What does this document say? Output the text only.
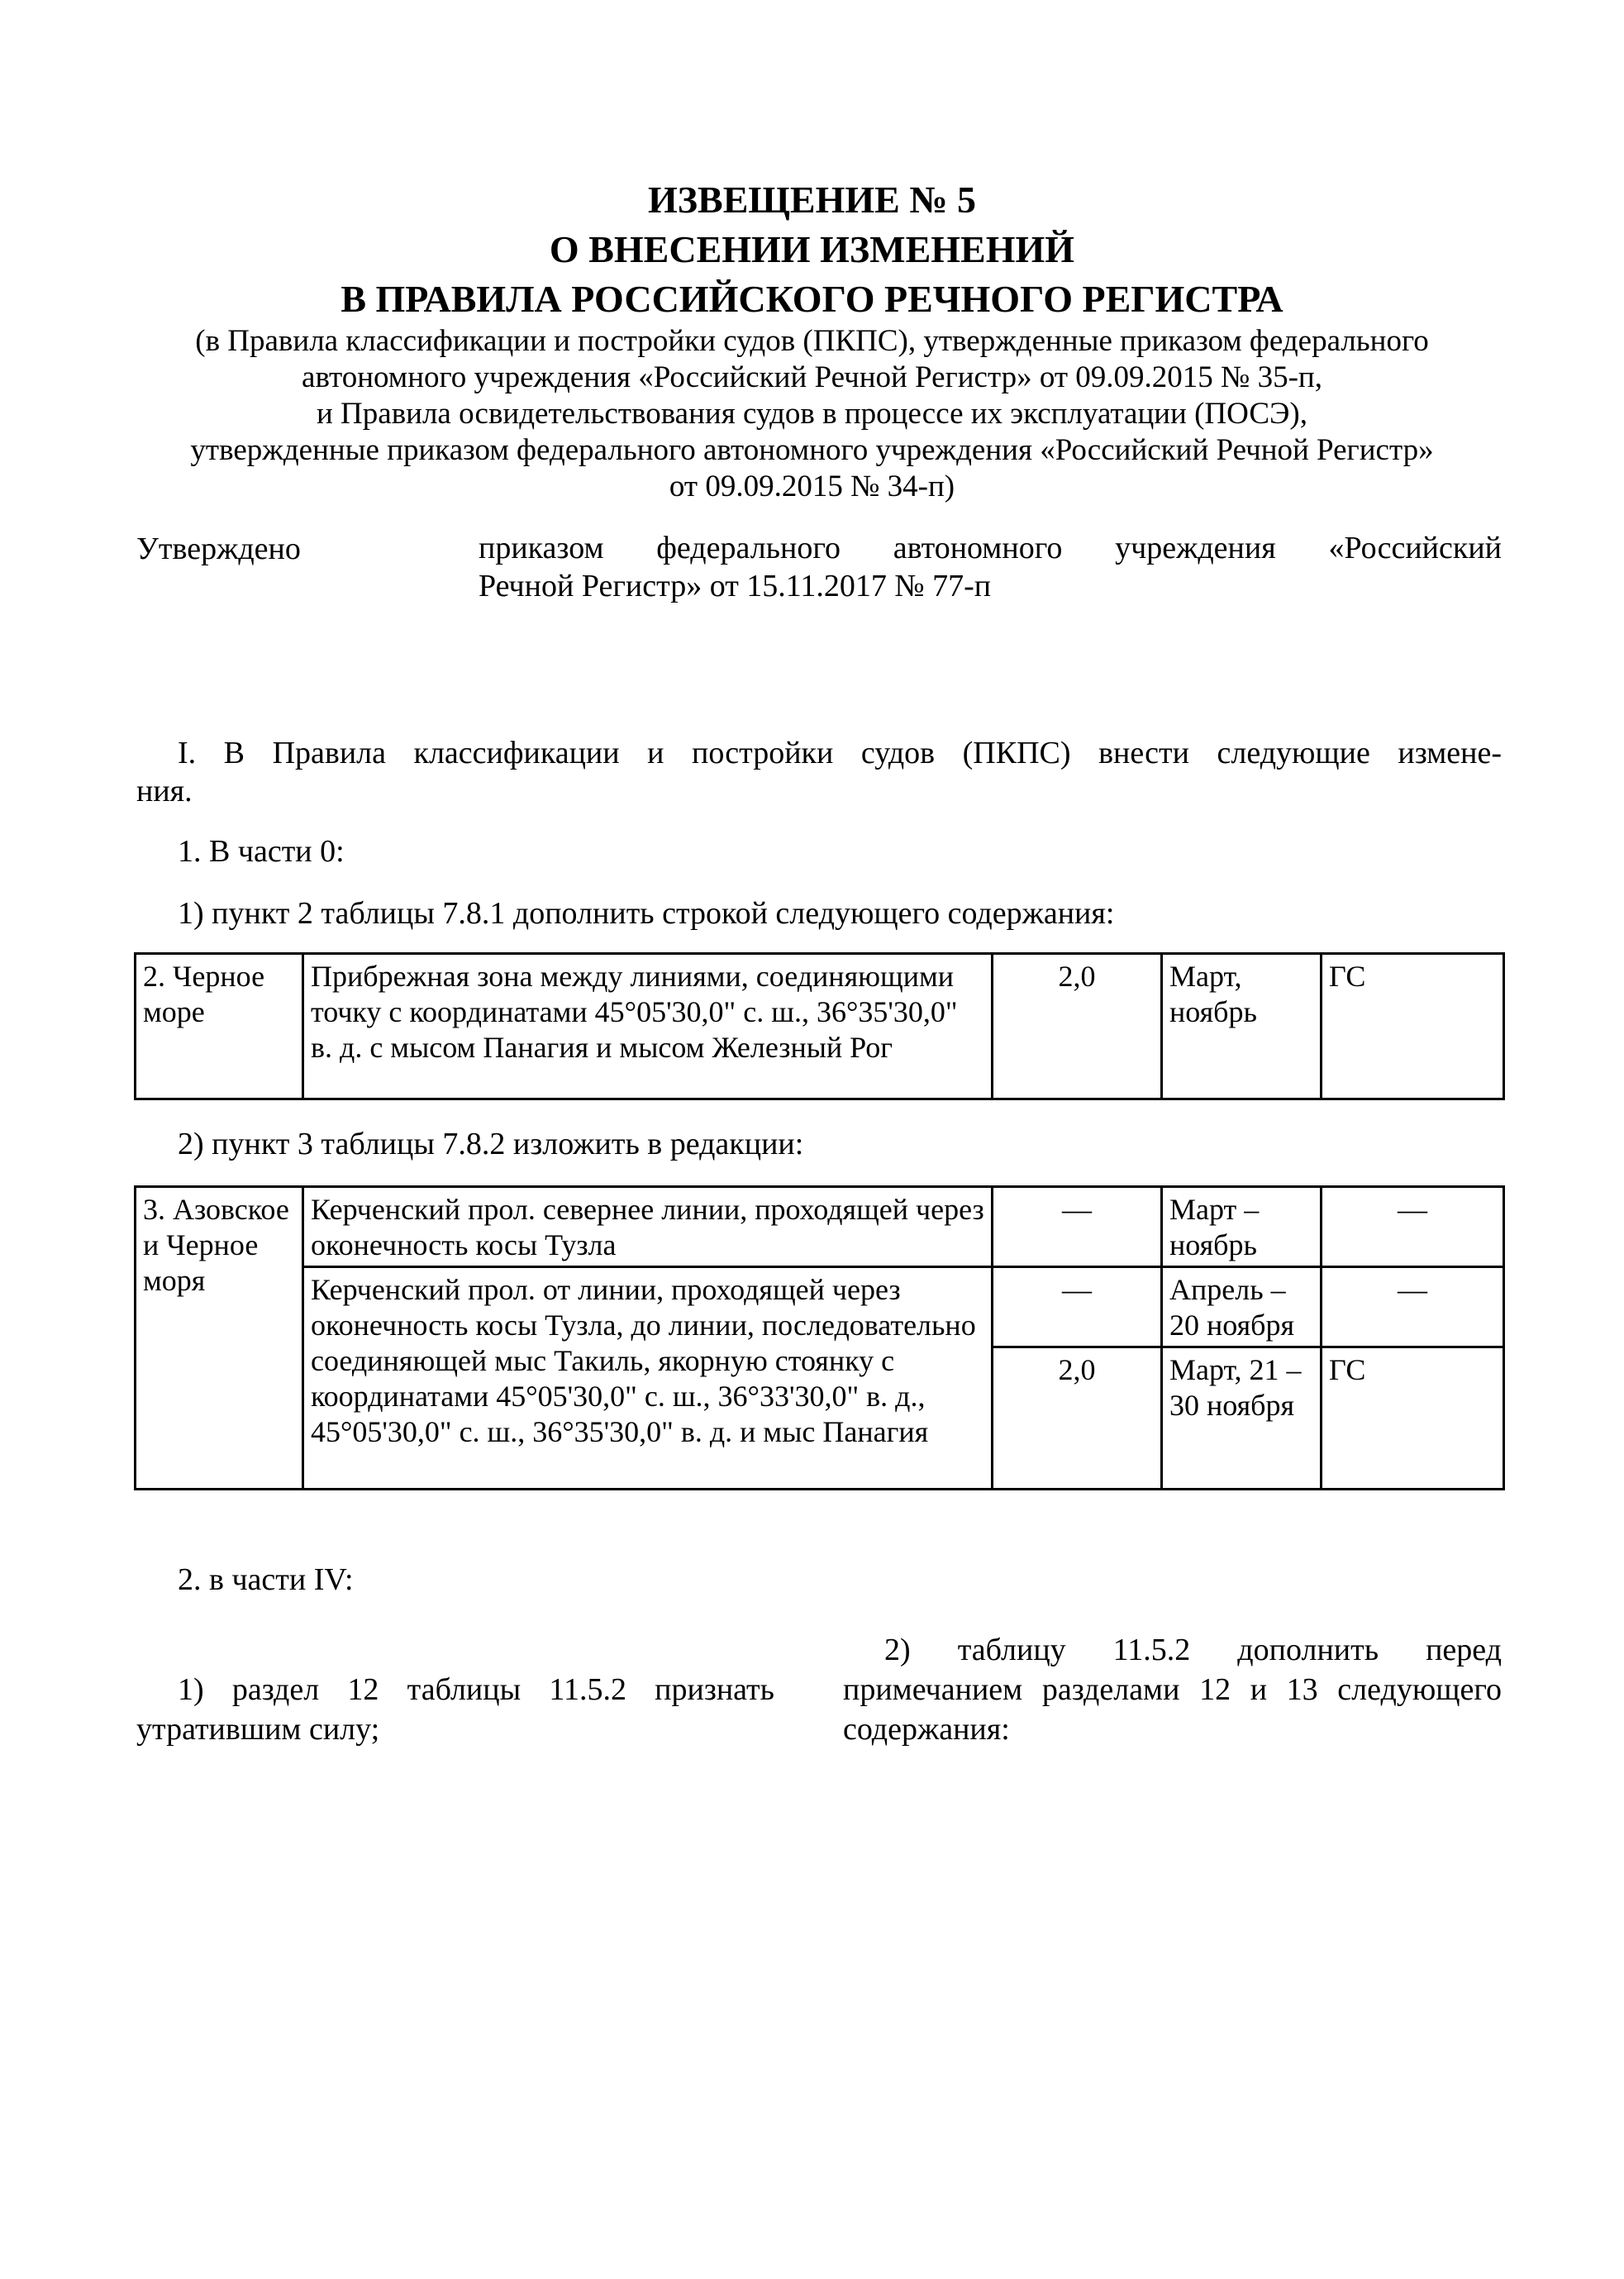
ИЗВЕЩЕНИЕ № 5
О ВНЕСЕНИИ ИЗМЕНЕНИЙ
В ПРАВИЛА РОССИЙСКОГО РЕЧНОГО РЕГИСТРА
(в Правила классификации и постройки судов (ПКПС), утвержденные приказом федерального
автономного учреждения «Российский Речной Регистр» от 09.09.2015 № 35-п,
и Правила освидетельствования судов в процессе их эксплуатации (ПОСЭ),
утвержденные приказом федерального автономного учреждения «Российский Речной Регистр»
от 09.09.2015 № 34-п)
Утверждено	приказом федерального автономного учреждения «Российский
Речной Регистр» от 15.11.2017 № 77-п
I. В Правила классификации и постройки судов (ПКПС) внести следующие измене-
ния.
1. В части 0:
1) пункт 2 таблицы 7.8.1 дополнить строкой следующего содержания:
2. Черное море	Прибрежная зона между линиями, соединяющими точку с координатами 45°05'30,0" с. ш., 36°35'30,0" в. д. с мысом Панагия и мысом Железный Рог	2,0	Март, ноябрь	ГС
2) пункт 3 таблицы 7.8.2 изложить в редакции:
3. Азовское и Черное моря	Керченский прол. севернее линии, проходящей через оконечность косы Тузла	—	Март – ноябрь	—
	Керченский прол. от линии, проходящей через оконечность косы Тузла, до линии, последовательно соединяющей мыс Такиль, якорную стоянку с координатами 45°05'30,0" с. ш., 36°33'30,0" в. д., 45°05'30,0" с. ш., 36°35'30,0" в. д. и мыс Панагия	—	Апрель – 20 ноября	—
		2,0	Март, 21 – 30 ноября	ГС
2. в части IV:
1) раздел 12 таблицы 11.5.2 признать утратившим силу;
2) таблицу 11.5.2 дополнить перед примечанием разделами 12 и 13 следующего содержания:
